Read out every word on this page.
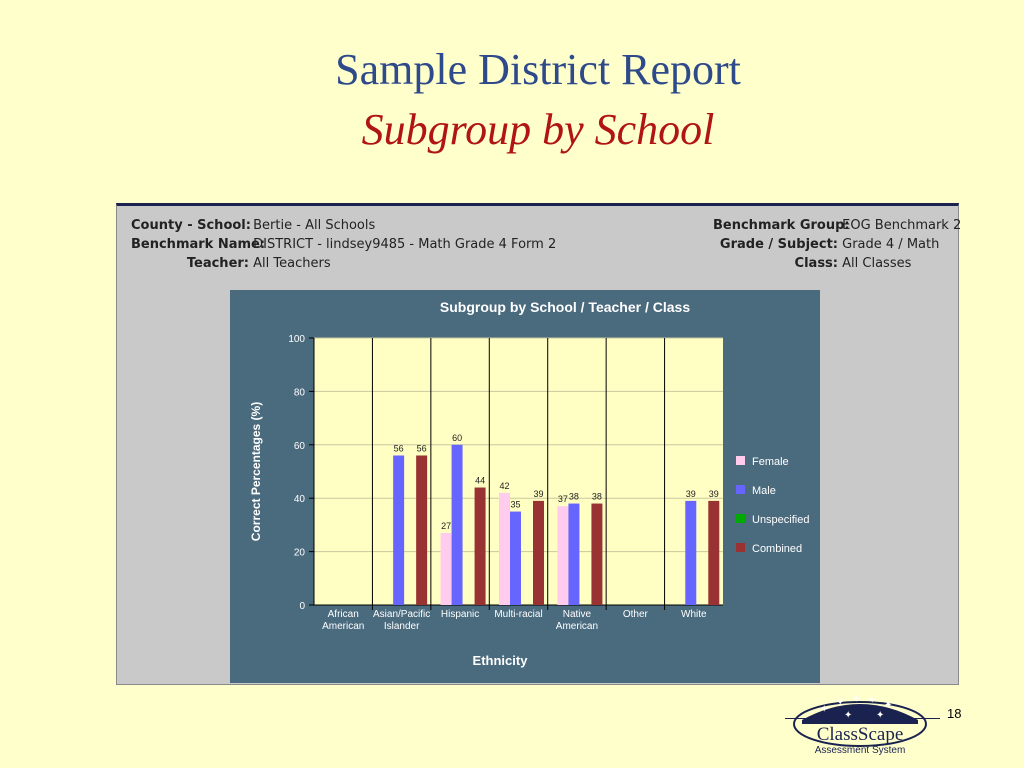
Sample District Report
Subgroup by School
County - School: Bertie - All Schools
Benchmark Name: DISTRICT - lindsey9485 - Math Grade 4 Form 2
Teacher: All Teachers
Benchmark Group: EOG Benchmark 2
Grade / Subject: Grade 4 / Math
Class: All Classes
Subgroup by School / Teacher / Class
0
20
40
60
80
100
27
42
37
56
60
35
38	39
56
44
39	38	39
African
American
Asian/Pacific
Islander
Hispanic Multi-racial Native
American
Other	White
Ethnicity
Correct Percentages (%)	Female
Male
Unspecified
Combined
18
✦
✦ ✦ ✦ ✦
✦ ✦
ClassScape
Assessment System
